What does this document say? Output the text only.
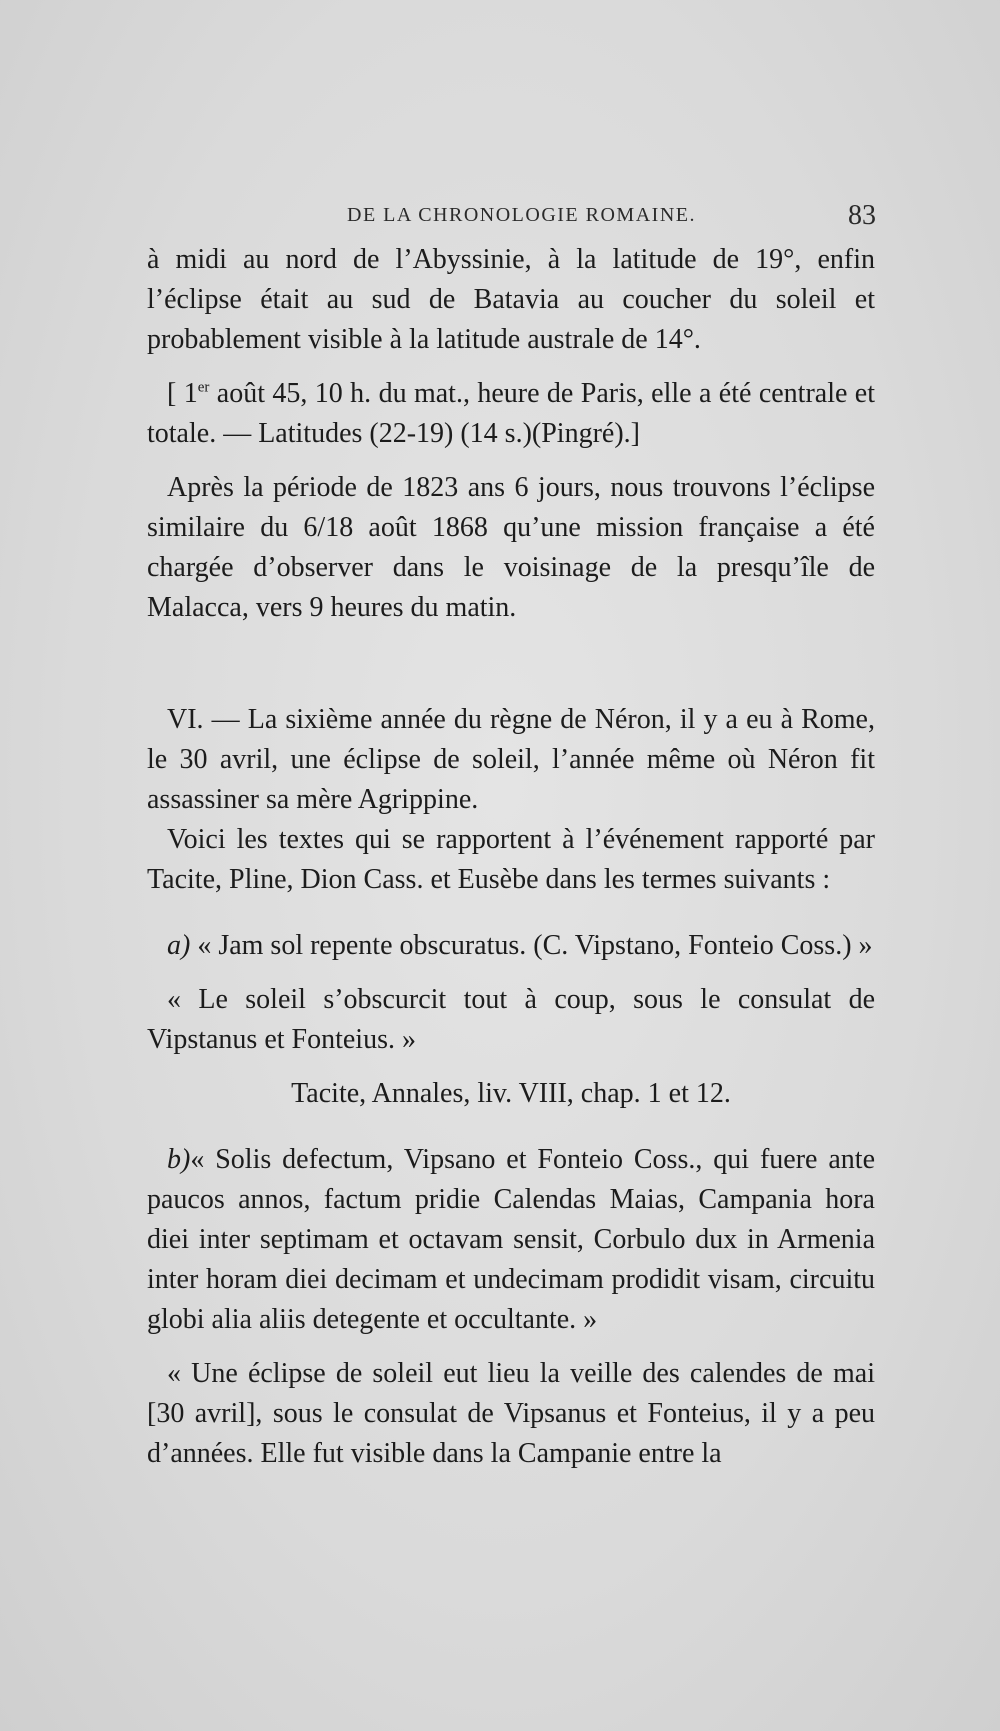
DE LA CHRONOLOGIE ROMAINE.	83

à midi au nord de l’Abyssinie, à la latitude de 19°, enfin l’éclipse était au sud de Batavia au coucher du soleil et probablement visible à la latitude australe de 14°.

[ 1er août 45, 10 h. du mat., heure de Paris, elle a été centrale et totale. — Latitudes (22-19) (14 s.)(Pingré).]

Après la période de 1823 ans 6 jours, nous trouvons l’éclipse similaire du 6/18 août 1868 qu’une mission française a été chargée d’observer dans le voisinage de la presqu’île de Malacca, vers 9 heures du matin.

VI. — La sixième année du règne de Néron, il y a eu à Rome, le 30 avril, une éclipse de soleil, l’année même où Néron fit assassiner sa mère Agrippine.

Voici les textes qui se rapportent à l’événement rapporté par Tacite, Pline, Dion Cass. et Eusèbe dans les termes suivants :

a) « Jam sol repente obscuratus. (C. Vipstano, Fonteio Coss.) »

« Le soleil s’obscurcit tout à coup, sous le consulat de Vipstanus et Fonteius. »

Tacite, Annales, liv. VIII, chap. 1 et 12.

b)« Solis defectum, Vipsano et Fonteio Coss., qui fuere ante paucos annos, factum pridie Calendas Maias, Campania hora diei inter septimam et octavam sensit, Corbulo dux in Armenia inter horam diei decimam et undecimam prodidit visam, circuitu globi alia aliis detegente et occultante. »

« Une éclipse de soleil eut lieu la veille des calendes de mai [30 avril], sous le consulat de Vipsanus et Fonteius, il y a peu d’années. Elle fut visible dans la Campanie entre la
